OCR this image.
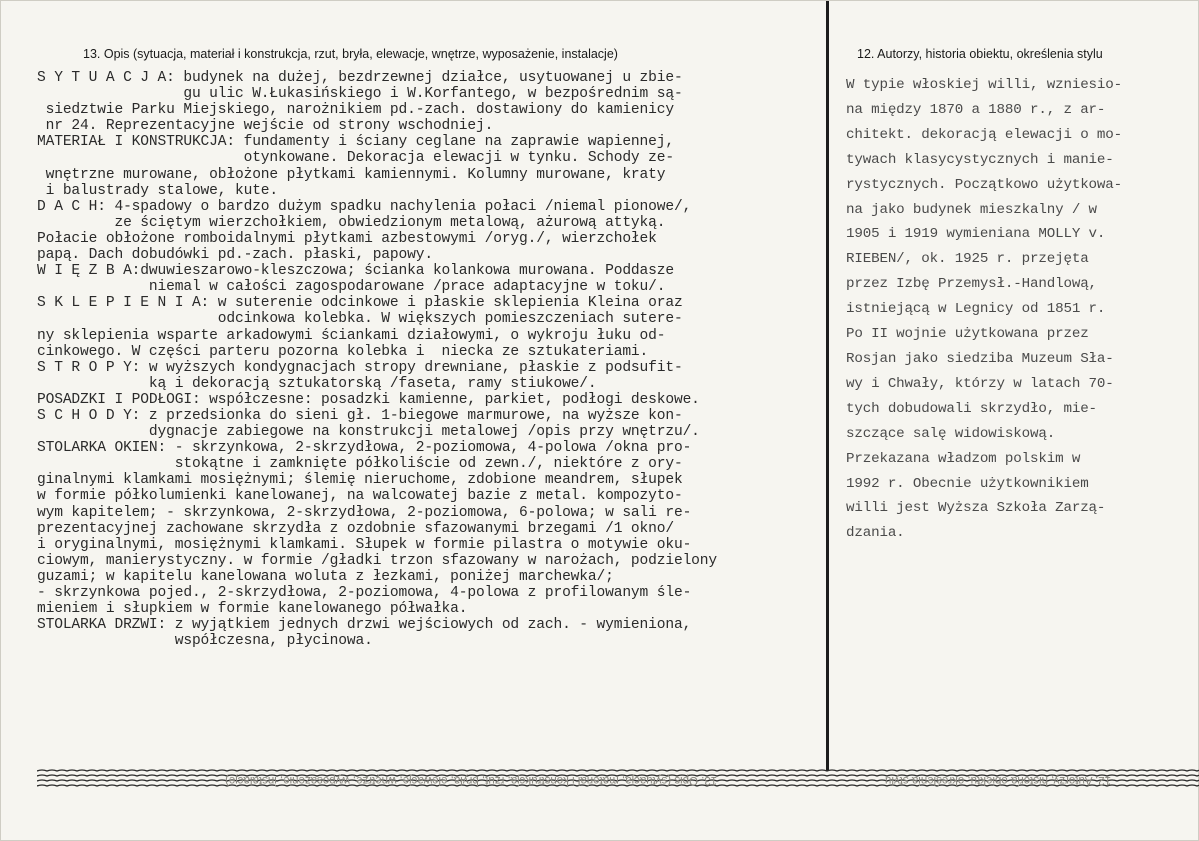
13. Opis (sytuacja, materiał i konstrukcja, rzut, bryła, elewacje, wnętrze, wyposażenie, instalacje)	12. Autorzy, historia obiektu, określenia stylu
S Y T U A C J A: budynek na dużej, bezdrzewnej działce, usytuowanej u zbie-
gu ulic W.Łukasińskiego i W.Korfantego, w bezpośrednim są-
siedztwie Parku Miejskiego, narożnikiem pd.-zach. dostawiony do kamienicy
nr 24. Reprezentacyjne wejście od strony wschodniej.
MATERIAŁ I KONSTRUKCJA: fundamenty i ściany ceglane na zaprawie wapiennej,
otynkowane. Dekoracja elewacji w tynku. Schody ze-
wnętrzne murowane, obłożone płytkami kamiennymi. Kolumny murowane, kraty
i balustrady stalowe, kute.
D A C H: 4-spadowy o bardzo dużym spadku nachylenia połaci /niemal pionowe/,
ze ściętym wierzchołkiem, obwiedzionym metalową, ażurową attyką.
Połacie obłożone romboidalnymi płytkami azbestowymi /oryg./, wierzchołek
papą. Dach dobudówki pd.-zach. płaski, papowy.
W I Ę Z B A:dwuwieszarowo-kleszczowa; ścianka kolankowa murowana. Poddasze
niemal w całości zagospodarowane /prace adaptacyjne w toku/.
S K L E P I E N I A: w suterenie odcinkowe i płaskie sklepienia Kleina oraz
odcinkowa kolebka. W większych pomieszczeniach sutere-
ny sklepienia wsparte arkadowymi ściankami działowymi, o wykroju łuku od-
cinkowego. W części parteru pozorna kolebka i  niecka ze sztukateriami.
S T R O P Y: w wyższych kondygnacjach stropy drewniane, płaskie z podsufit-
ką i dekoracją sztukatorską /faseta, ramy stiukowe/.
POSADZKI I PODŁOGI: współczesne: posadzki kamienne, parkiet, podłogi deskowe.
S C H O D Y: z przedsionka do sieni gł. 1-biegowe marmurowe, na wyższe kon-
dygnacje zabiegowe na konstrukcji metalowej /opis przy wnętrzu/.
STOLARKA OKIEN: - skrzynkowa, 2-skrzydłowa, 2-poziomowa, 4-polowa /okna pro-
stokątne i zamknięte półkoliście od zewn./, niektóre z ory-
ginalnymi klamkami mosiężnymi; ślemię nieruchome, zdobione meandrem, słupek
w formie półkolumienki kanelowanej, na walcowatej bazie z metal. kompozyto-
wym kapitelem; - skrzynkowa, 2-skrzydłowa, 2-poziomowa, 6-polowa; w sali re-
prezentacyjnej zachowane skrzydła z ozdobnie sfazowanymi brzegami /1 okno/
i oryginalnymi, mosiężnymi klamkami. Słupek w formie pilastra o motywie oku-
ciowym, manierystyczny. w formie /gładki trzon sfazowany w narożach, podzielony
guzami; w kapitelu kanelowana woluta z łezkami, poniżej marchewka/;
- skrzynkowa pojed., 2-skrzydłowa, 2-poziomowa, 4-polowa z profilowanym śle-
mieniem i słupkiem w formie kanelowanego półwałka.
STOLARKA DRZWI: z wyjątkiem jednych drzwi wejściowych od zach. - wymieniona,
współczesna, płycinowa.
W typie włoskiej willi, wzniesio-
na między 1870 a 1880 r., z ar-
chitekt. dekoracją elewacji o mo-
tywach klasycystycznych i manie-
rystycznych. Początkowo użytkowa-
na jako budynek mieszkalny / w
1905 i 1919 wymieniana MOLLY v.
RIEBEN/, ok. 1925 r. przejęta
przez Izbę Przemysł.-Handlową,
istniejącą w Legnicy od 1851 r.
Po II wojnie użytkowana przez
Rosjan jako siedziba Muzeum Sła-
wy i Chwały, którzy w latach 70-
tych dobudowali skrzydło, mie-
szczące salę widowiskową.
Przekazana władzom polskim w
1992 r. Obecnie użytkownikiem
willi jest Wyższa Szkoła Zarzą-
dzania.
13. Opis (sytuacja, materiał i konstrukcja, rzut, bryła, elewacje, wnętrze, wyposażenie, instalacje)	12. Autorzy, historia obiektu, określenia stylu
